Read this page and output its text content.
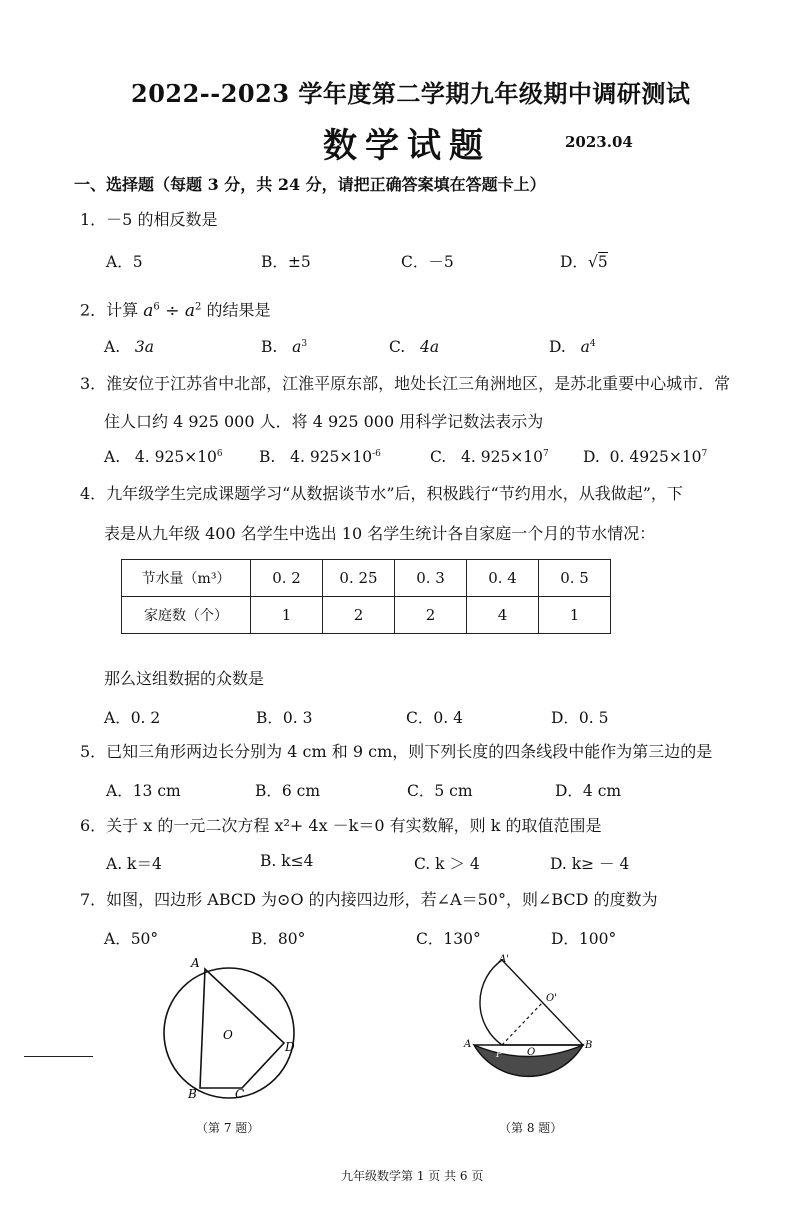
2022--2023 学年度第二学期九年级期中调研测试
数学试题	2023.04
一、选择题（每题 3 分，共 24 分，请把正确答案填在答题卡上）
1．－5 的相反数是
A．5	B．±5	C．－5	D．√5
2．计算 $a^6 \div a^2$ 的结果是
A. 3a	B. $a^3$	C. 4a	D. $a^4$
3．淮安位于江苏省中北部，江淮平原东部，地处长江三角洲地区，是苏北重要中心城市．常
住人口约 4 925 000 人．将 4 925 000 用科学记数法表示为
A. 4. $925\times 10^6$ B. 4. $925\times 10^{-6}$	C. 4. $925\times 10^7$ D. 0. $4925\times 10^7$
4．九年级学生完成课题学习“从数据谈节水”后，积极践行“节约用水，从我做起”，下
表是从九年级 400 名学生中选出 10 名学生统计各自家庭一个月的节水情况：
节水量（m³）	0. 2	0. 25	0. 3	0. 4	0. 5
家庭数（个）	1	2	2	4	1
那么这组数据的众数是
A．0. 2	B．0. 3	C．0. 4	D．0. 5
5．已知三角形两边长分别为 4 cm 和 9 cm，则下列长度的四条线段中能作为第三边的是
A．13 cm	B．6 cm	C．5 cm	D．4 cm
6．关于 x 的一元二次方程 x²+ 4x －k＝0 有实数解，则 k 的取值范围是
A. k＝4	B. k≤4	C. k ＞ 4	D. k≥ － 4
7．如图，四边形 ABCD 为⊙O 的内接四边形，若∠A＝50°，则∠BCD 的度数为
A．50°	B．80°	C．130°	D．100°
A
O
D
B	C
（第 7 题）
A'
O'
A
P O
B
（第 8 题）
九年级数学第 1 页 共 6 页
